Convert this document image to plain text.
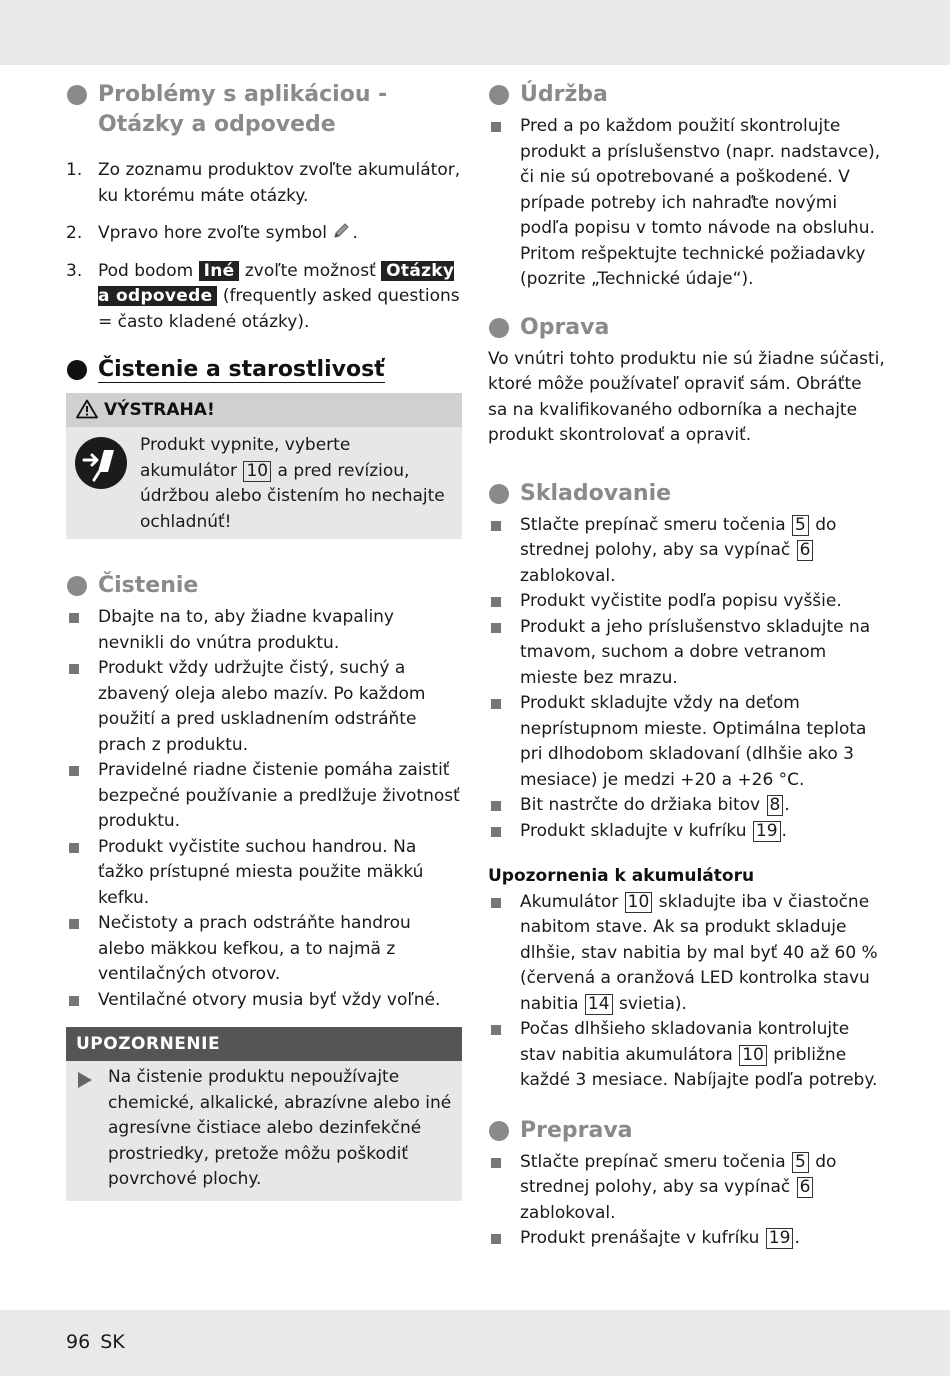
Problémy s aplikáciou -
Otázky a odpovede
1. Zo zoznamu produktov zvoľte akumulátor, ku ktorému máte otázky.
2. Vpravo hore zvoľte symbol .
3. Pod bodom Iné zvoľte možnosť Otázky a odpovede (frequently asked questions = často kladené otázky).
Čistenie a starostlivosť
VÝSTRAHA!

Produkt vypnite, vyberte akumulátor 10 a pred revíziou, údržbou alebo čistením ho nechajte ochladnúť!

Čistenie
Dbajte na to, aby žiadne kvapaliny nevnikli do vnútra produktu.
Produkt vždy udržujte čistý, suchý a zbavený oleja alebo mazív. Po každom použití a pred uskladnením odstráňte prach z produktu.
Pravidelné riadne čistenie pomáha zaistiť bezpečné používanie a predlžuje životnosť produktu.
Produkt vyčistite suchou handrou. Na ťažko prístupné miesta použite mäkkú kefku.
Nečistoty a prach odstráňte handrou alebo mäkkou kefkou, a to najmä z ventilačných otvorov.
Ventilačné otvory musia byť vždy voľné.
UPOZORNENIE

Na čistenie produktu nepoužívajte chemické, alkalické, abrazívne alebo iné agresívne čistiace alebo dezinfekčné prostriedky, pretože môžu poškodiť povrchové plochy.

Údržba
Pred a po každom použití skontrolujte produkt a príslušenstvo (napr. nadstavce), či nie sú opotrebované a poškodené. V prípade potreby ich nahraďte novými podľa popisu v tomto návode na obsluhu. Pritom rešpektujte technické požiadavky (pozrite „Technické údaje“).
Oprava

Vo vnútri tohto produktu nie sú žiadne súčasti, ktoré môže používateľ opraviť sám. Obráťte sa na kvalifikovaného odborníka a nechajte produkt skontrolovať a opraviť.

Skladovanie
Stlačte prepínač smeru točenia 5 do strednej polohy, aby sa vypínač 6 zablokoval.
Produkt vyčistite podľa popisu vyššie.
Produkt a jeho príslušenstvo skladujte na tmavom, suchom a dobre vetranom mieste bez mrazu.
Produkt skladujte vždy na deťom neprístupnom mieste. Optimálna teplota pri dlhodobom skladovaní (dlhšie ako 3 mesiace) je medzi +20 a +26 °C.
Bit nastrčte do držiaka bitov 8 .
Produkt skladujte v kufríku 19 .
Upozornenia k akumulátoru
Akumulátor 10 skladujte iba v čiastočne nabitom stave. Ak sa produkt skladuje dlhšie, stav nabitia by mal byť 40 až 60 % (červená a oranžová LED kontrolka stavu nabitia 14 svietia).
Počas dlhšieho skladovania kontrolujte stav nabitia akumulátora 10 približne každé 3 mesiace. Nabíjajte podľa potreby.
Preprava
Stlačte prepínač smeru točenia 5 do strednej polohy, aby sa vypínač 6 zablokoval.
Produkt prenášajte v kufríku 19 .
96 SK
